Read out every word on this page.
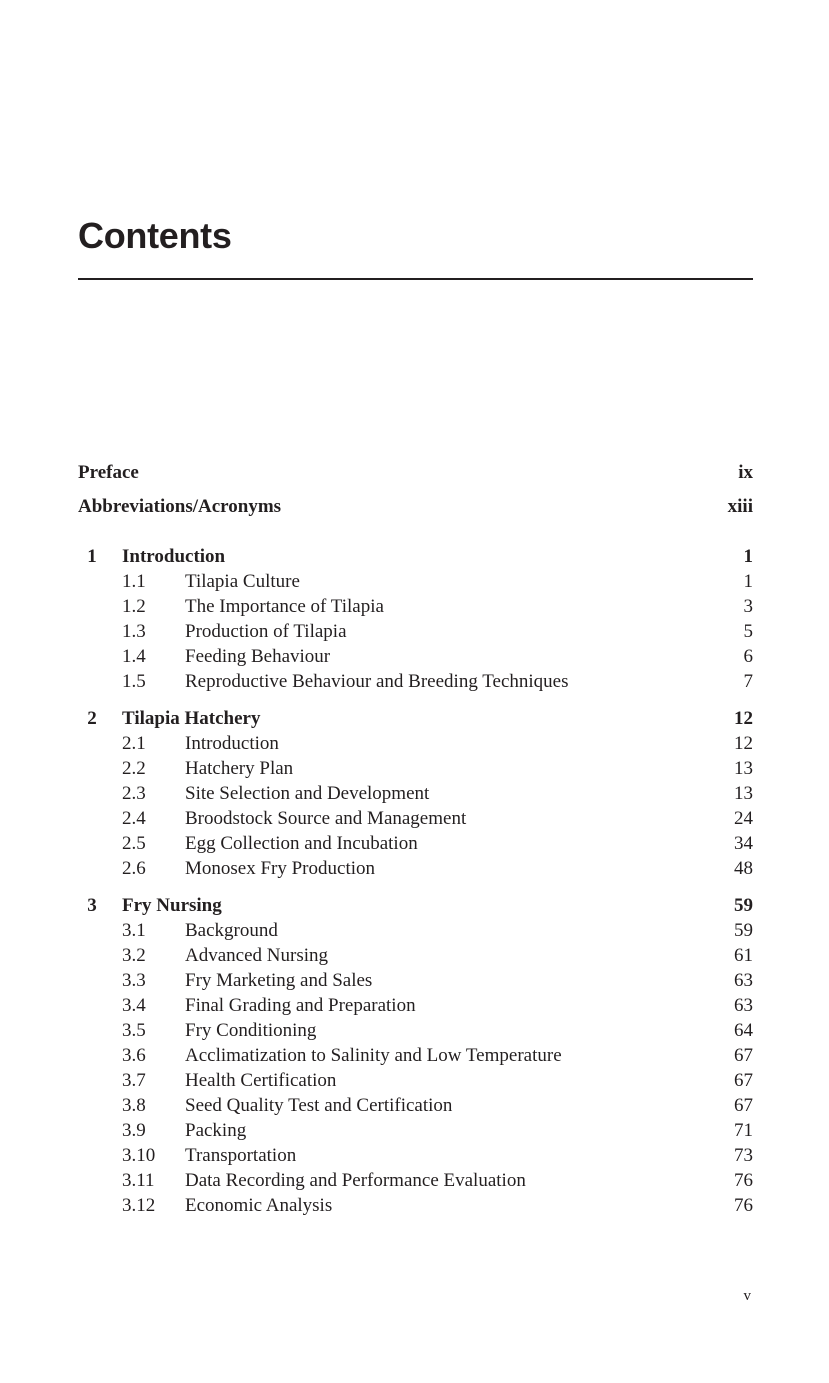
Contents
Preface	ix
Abbreviations/Acronyms	xiii
1	Introduction	1
1.1 Tilapia Culture	1
1.2 The Importance of Tilapia	3
1.3 Production of Tilapia	5
1.4 Feeding Behaviour	6
1.5 Reproductive Behaviour and Breeding Techniques	7
2	Tilapia Hatchery	12
2.1 Introduction	12
2.2 Hatchery Plan	13
2.3 Site Selection and Development	13
2.4 Broodstock Source and Management	24
2.5 Egg Collection and Incubation	34
2.6 Monosex Fry Production	48
3	Fry Nursing	59
3.1 Background	59
3.2 Advanced Nursing	61
3.3 Fry Marketing and Sales	63
3.4 Final Grading and Preparation	63
3.5 Fry Conditioning	64
3.6 Acclimatization to Salinity and Low Temperature	67
3.7 Health Certification	67
3.8 Seed Quality Test and Certification	67
3.9 Packing	71
3.10 Transportation	73
3.11 Data Recording and Performance Evaluation	76
3.12 Economic Analysis	76
v
